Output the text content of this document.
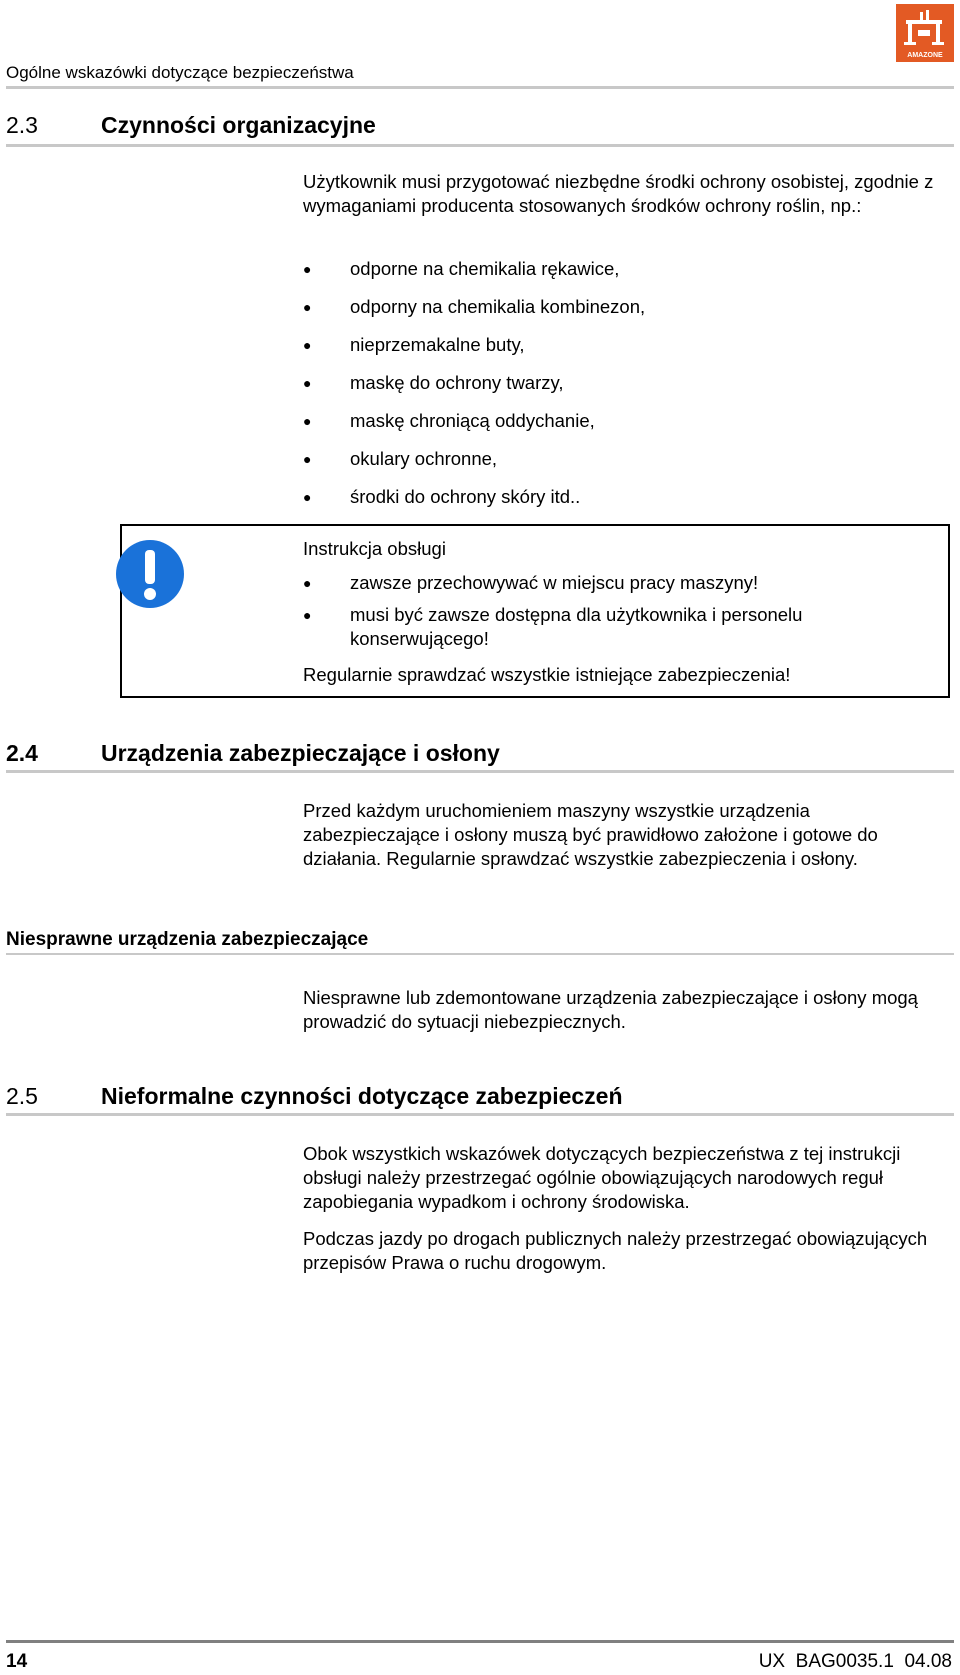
Ogólne wskazówki dotyczące bezpieczeństwa
AMAZONE
2.3	Czynności organizacyjne
Użytkownik musi przygotować niezbędne środki ochrony osobistej, zgodnie z wymaganiami producenta stosowanych środków ochrony roślin, np.:
● odporne na chemikalia rękawice,
● odporny na chemikalia kombinezon,
● nieprzemakalne buty,
● maskę do ochrony twarzy,
● maskę chroniącą oddychanie,
● okulary ochronne,
● środki do ochrony skóry itd..
Instrukcja obsługi
● zawsze przechowywać w miejscu pracy maszyny!
● musi być zawsze dostępna dla użytkownika i personelu konserwującego!
Regularnie sprawdzać wszystkie istniejące zabezpieczenia!
2.4	Urządzenia zabezpieczające i osłony
Przed każdym uruchomieniem maszyny wszystkie urządzenia zabezpieczające i osłony muszą być prawidłowo założone i gotowe do działania. Regularnie sprawdzać wszystkie zabezpieczenia i osłony.
Niesprawne urządzenia zabezpieczające
Niesprawne lub zdemontowane urządzenia zabezpieczające i osłony mogą prowadzić do sytuacji niebezpiecznych.
2.5	Nieformalne czynności dotyczące zabezpieczeń
Obok wszystkich wskazówek dotyczących bezpieczeństwa z tej instrukcji obsługi należy przestrzegać ogólnie obowiązujących narodowych reguł zapobiegania wypadkom i ochrony środowiska.
Podczas jazdy po drogach publicznych należy przestrzegać obowiązujących przepisów Prawa o ruchu drogowym.
14	UX  BAG0035.1  04.08
